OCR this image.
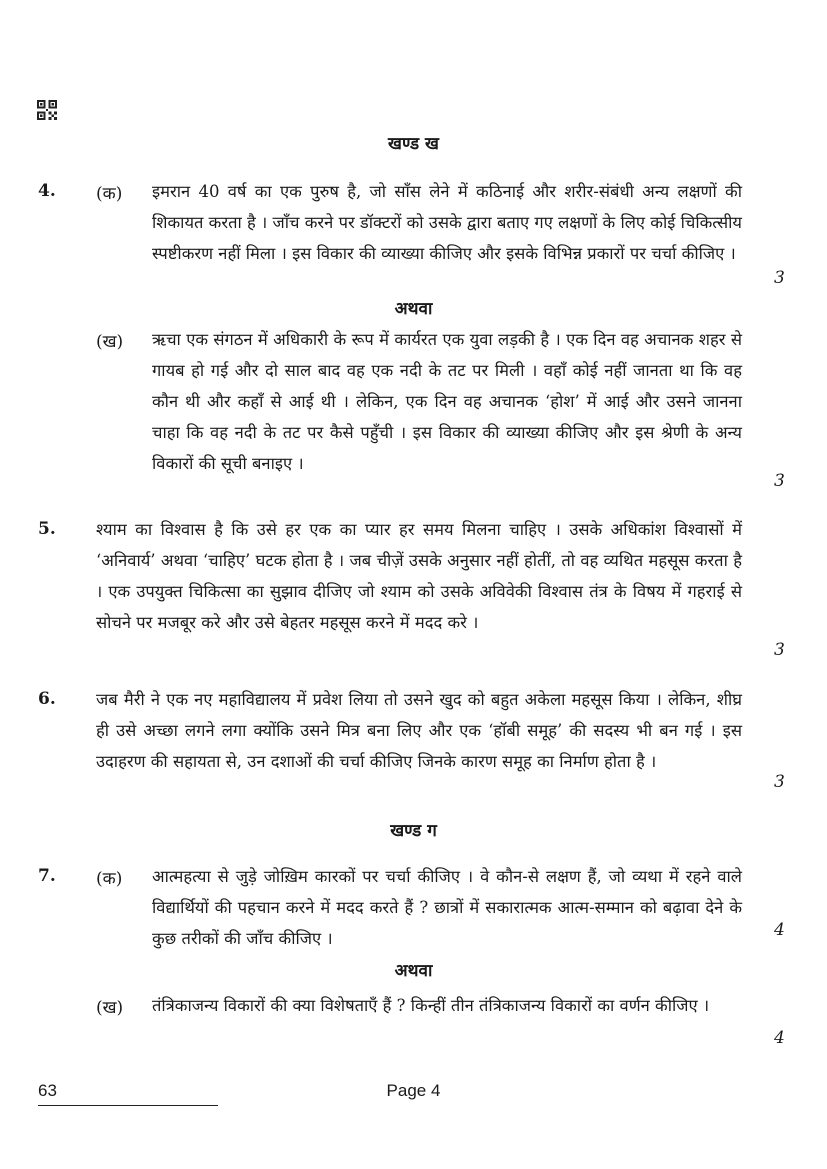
खण्ड ख
4. (क) इमरान 40 वर्ष का एक पुरुष है, जो साँस लेने में कठिनाई और शरीर-संबंधी अन्य लक्षणों की शिकायत करता है । जाँच करने पर डॉक्टरों को उसके द्वारा बताए गए लक्षणों के लिए कोई चिकित्सीय स्पष्टीकरण नहीं मिला । इस विकार की व्याख्या कीजिए और इसके विभिन्न प्रकारों पर चर्चा कीजिए ।
3
अथवा
(ख) ऋचा एक संगठन में अधिकारी के रूप में कार्यरत एक युवा लड़की है । एक दिन वह अचानक शहर से गायब हो गई और दो साल बाद वह एक नदी के तट पर मिली । वहाँ कोई नहीं जानता था कि वह कौन थी और कहाँ से आई थी । लेकिन, एक दिन वह अचानक ‘होश’ में आई और उसने जानना चाहा कि वह नदी के तट पर कैसे पहुँची । इस विकार की व्याख्या कीजिए और इस श्रेणी के अन्य विकारों की सूची बनाइए ।
3
5. श्याम का विश्वास है कि उसे हर एक का प्यार हर समय मिलना चाहिए । उसके अधिकांश विश्वासों में ‘अनिवार्य’ अथवा ‘चाहिए’ घटक होता है । जब चीज़ें उसके अनुसार नहीं होतीं, तो वह व्यथित महसूस करता है । एक उपयुक्त चिकित्सा का सुझाव दीजिए जो श्याम को उसके अविवेकी विश्वास तंत्र के विषय में गहराई से सोचने पर मजबूर करे और उसे बेहतर महसूस करने में मदद करे ।
3
6. जब मैरी ने एक नए महाविद्यालय में प्रवेश लिया तो उसने खुद को बहुत अकेला महसूस किया । लेकिन, शीघ्र ही उसे अच्छा लगने लगा क्योंकि उसने मित्र बना लिए और एक ‘हॉबी समूह’ की सदस्य भी बन गई । इस उदाहरण की सहायता से, उन दशाओं की चर्चा कीजिए जिनके कारण समूह का निर्माण होता है ।
3
खण्ड ग
7. (क) आत्महत्या से जुड़े जोख़िम कारकों पर चर्चा कीजिए । वे कौन-से लक्षण हैं, जो व्यथा में रहने वाले विद्यार्थियों की पहचान करने में मदद करते हैं ? छात्रों में सकारात्मक आत्म-सम्मान को बढ़ावा देने के कुछ तरीकों की जाँच कीजिए ।	4
अथवा
(ख) तंत्रिकाजन्य विकारों की क्या विशेषताएँ हैं ? किन्हीं तीन तंत्रिकाजन्य विकारों का वर्णन कीजिए ।
4
63	Page 4
